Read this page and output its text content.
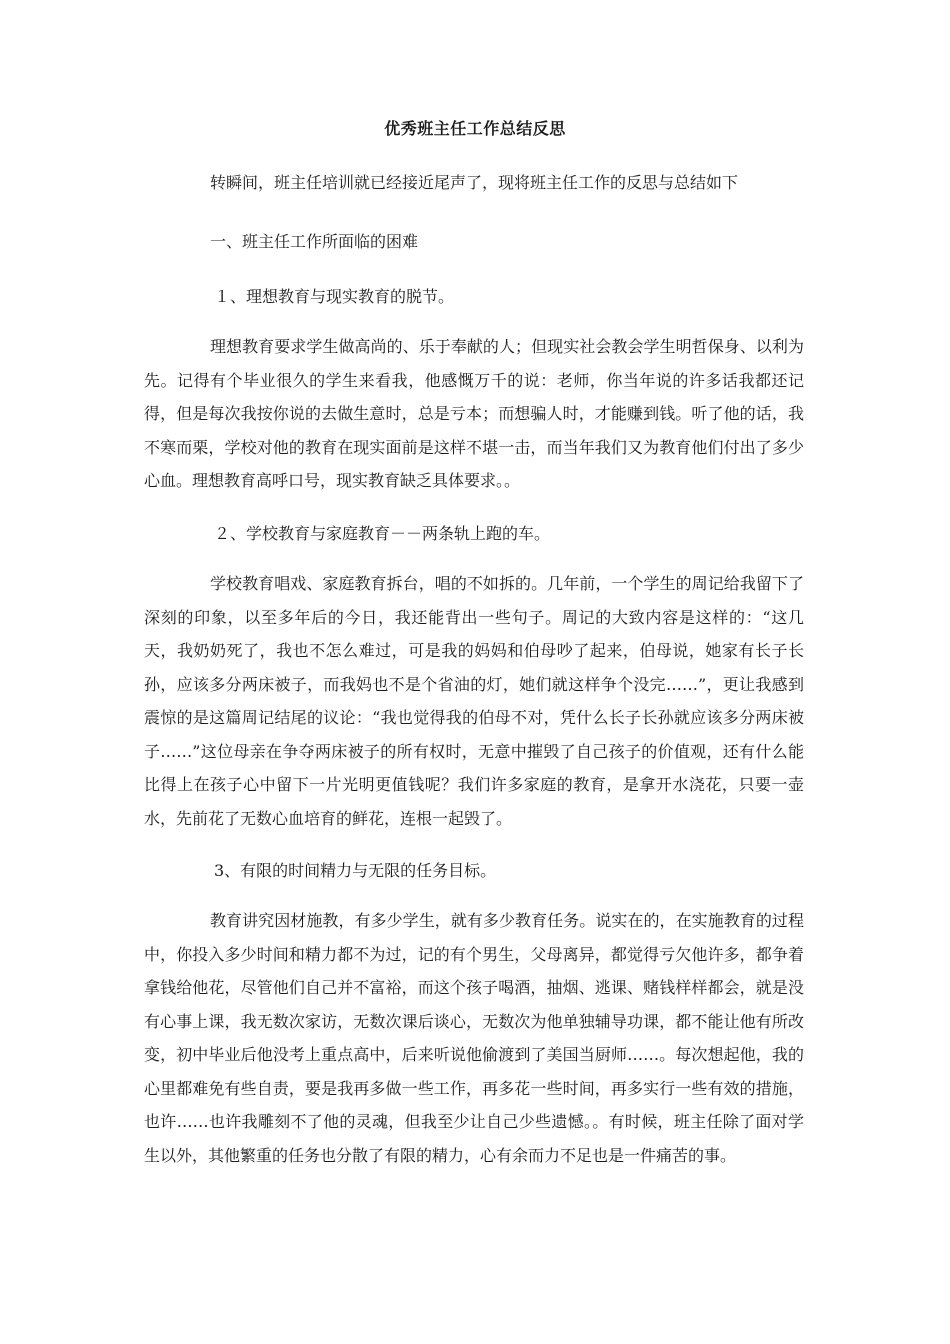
优秀班主任工作总结反思
转瞬间，班主任培训就已经接近尾声了，现将班主任工作的反思与总结如下
一、班主任工作所面临的困难
１、理想教育与现实教育的脱节。
理想教育要求学生做高尚的、乐于奉献的人；但现实社会教会学生明哲保身、以利为先。记得有个毕业很久的学生来看我，他感慨万千的说：老师，你当年说的许多话我都还记得，但是每次我按你说的去做生意时，总是亏本；而想骗人时，才能赚到钱。听了他的话，我不寒而栗，学校对他的教育在现实面前是这样不堪一击，而当年我们又为教育他们付出了多少心血。理想教育高呼口号，现实教育缺乏具体要求。。
２、学校教育与家庭教育－－两条轨上跑的车。
学校教育唱戏、家庭教育拆台，唱的不如拆的。几年前，一个学生的周记给我留下了深刻的印象，以至多年后的今日，我还能背出一些句子。周记的大致内容是这样的：“这几天，我奶奶死了，我也不怎么难过，可是我的妈妈和伯母吵了起来，伯母说，她家有长子长孙，应该多分两床被子，而我妈也不是个省油的灯，她们就这样争个没完……”，更让我感到震惊的是这篇周记结尾的议论：“我也觉得我的伯母不对，凭什么长子长孙就应该多分两床被子……”这位母亲在争夺两床被子的所有权时，无意中摧毁了自己孩子的价值观，还有什么能比得上在孩子心中留下一片光明更值钱呢？我们许多家庭的教育，是拿开水浇花，只要一壶水，先前花了无数心血培育的鲜花，连根一起毁了。
3、有限的时间精力与无限的任务目标。
教育讲究因材施教，有多少学生，就有多少教育任务。说实在的，在实施教育的过程中，你投入多少时间和精力都不为过，记的有个男生，父母离异，都觉得亏欠他许多，都争着拿钱给他花，尽管他们自己并不富裕，而这个孩子喝酒，抽烟、逃课、赌钱样样都会，就是没有心事上课，我无数次家访，无数次课后谈心，无数次为他单独辅导功课，都不能让他有所改变，初中毕业后他没考上重点高中，后来听说他偷渡到了美国当厨师……。每次想起他，我的心里都难免有些自责，要是我再多做一些工作，再多花一些时间，再多实行一些有效的措施，也许……也许我雕刻不了他的灵魂，但我至少让自己少些遗憾。。有时候，班主任除了面对学生以外，其他繁重的任务也分散了有限的精力，心有余而力不足也是一件痛苦的事。
